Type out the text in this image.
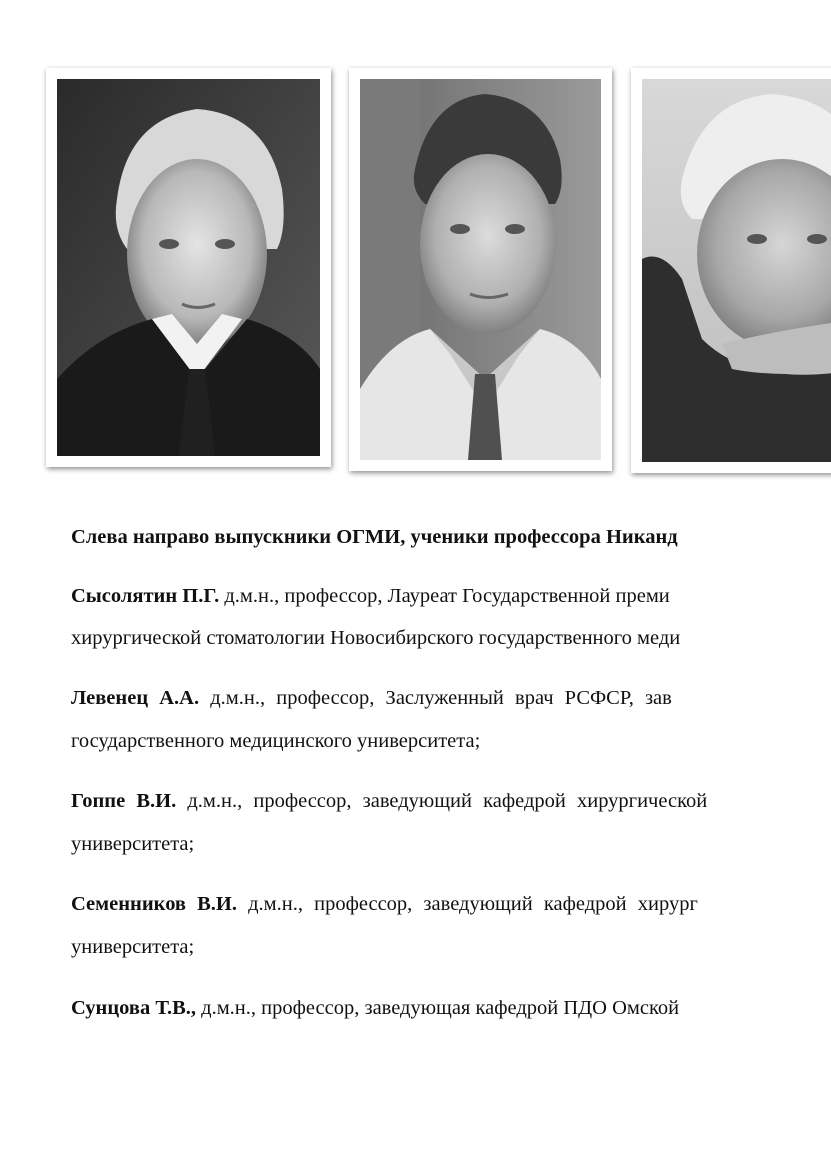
Слева направо выпускники ОГМИ, ученики профессора Никанд
Сысолятин П.Г. д.м.н., профессор, Лауреат Государственной преми
хирургической стоматологии Новосибирского государственного меди
Левенец А.А. д.м.н., профессор, Заслуженный врач РСФСР, зав
государственного медицинского университета;
Гоппе В.И. д.м.н., профессор, заведующий кафедрой хирургической
университета;
Семенников В.И. д.м.н., профессор, заведующий кафедрой хирург
университета;
Сунцова Т.В., д.м.н., профессор, заведующая кафедрой ПДО Омской
